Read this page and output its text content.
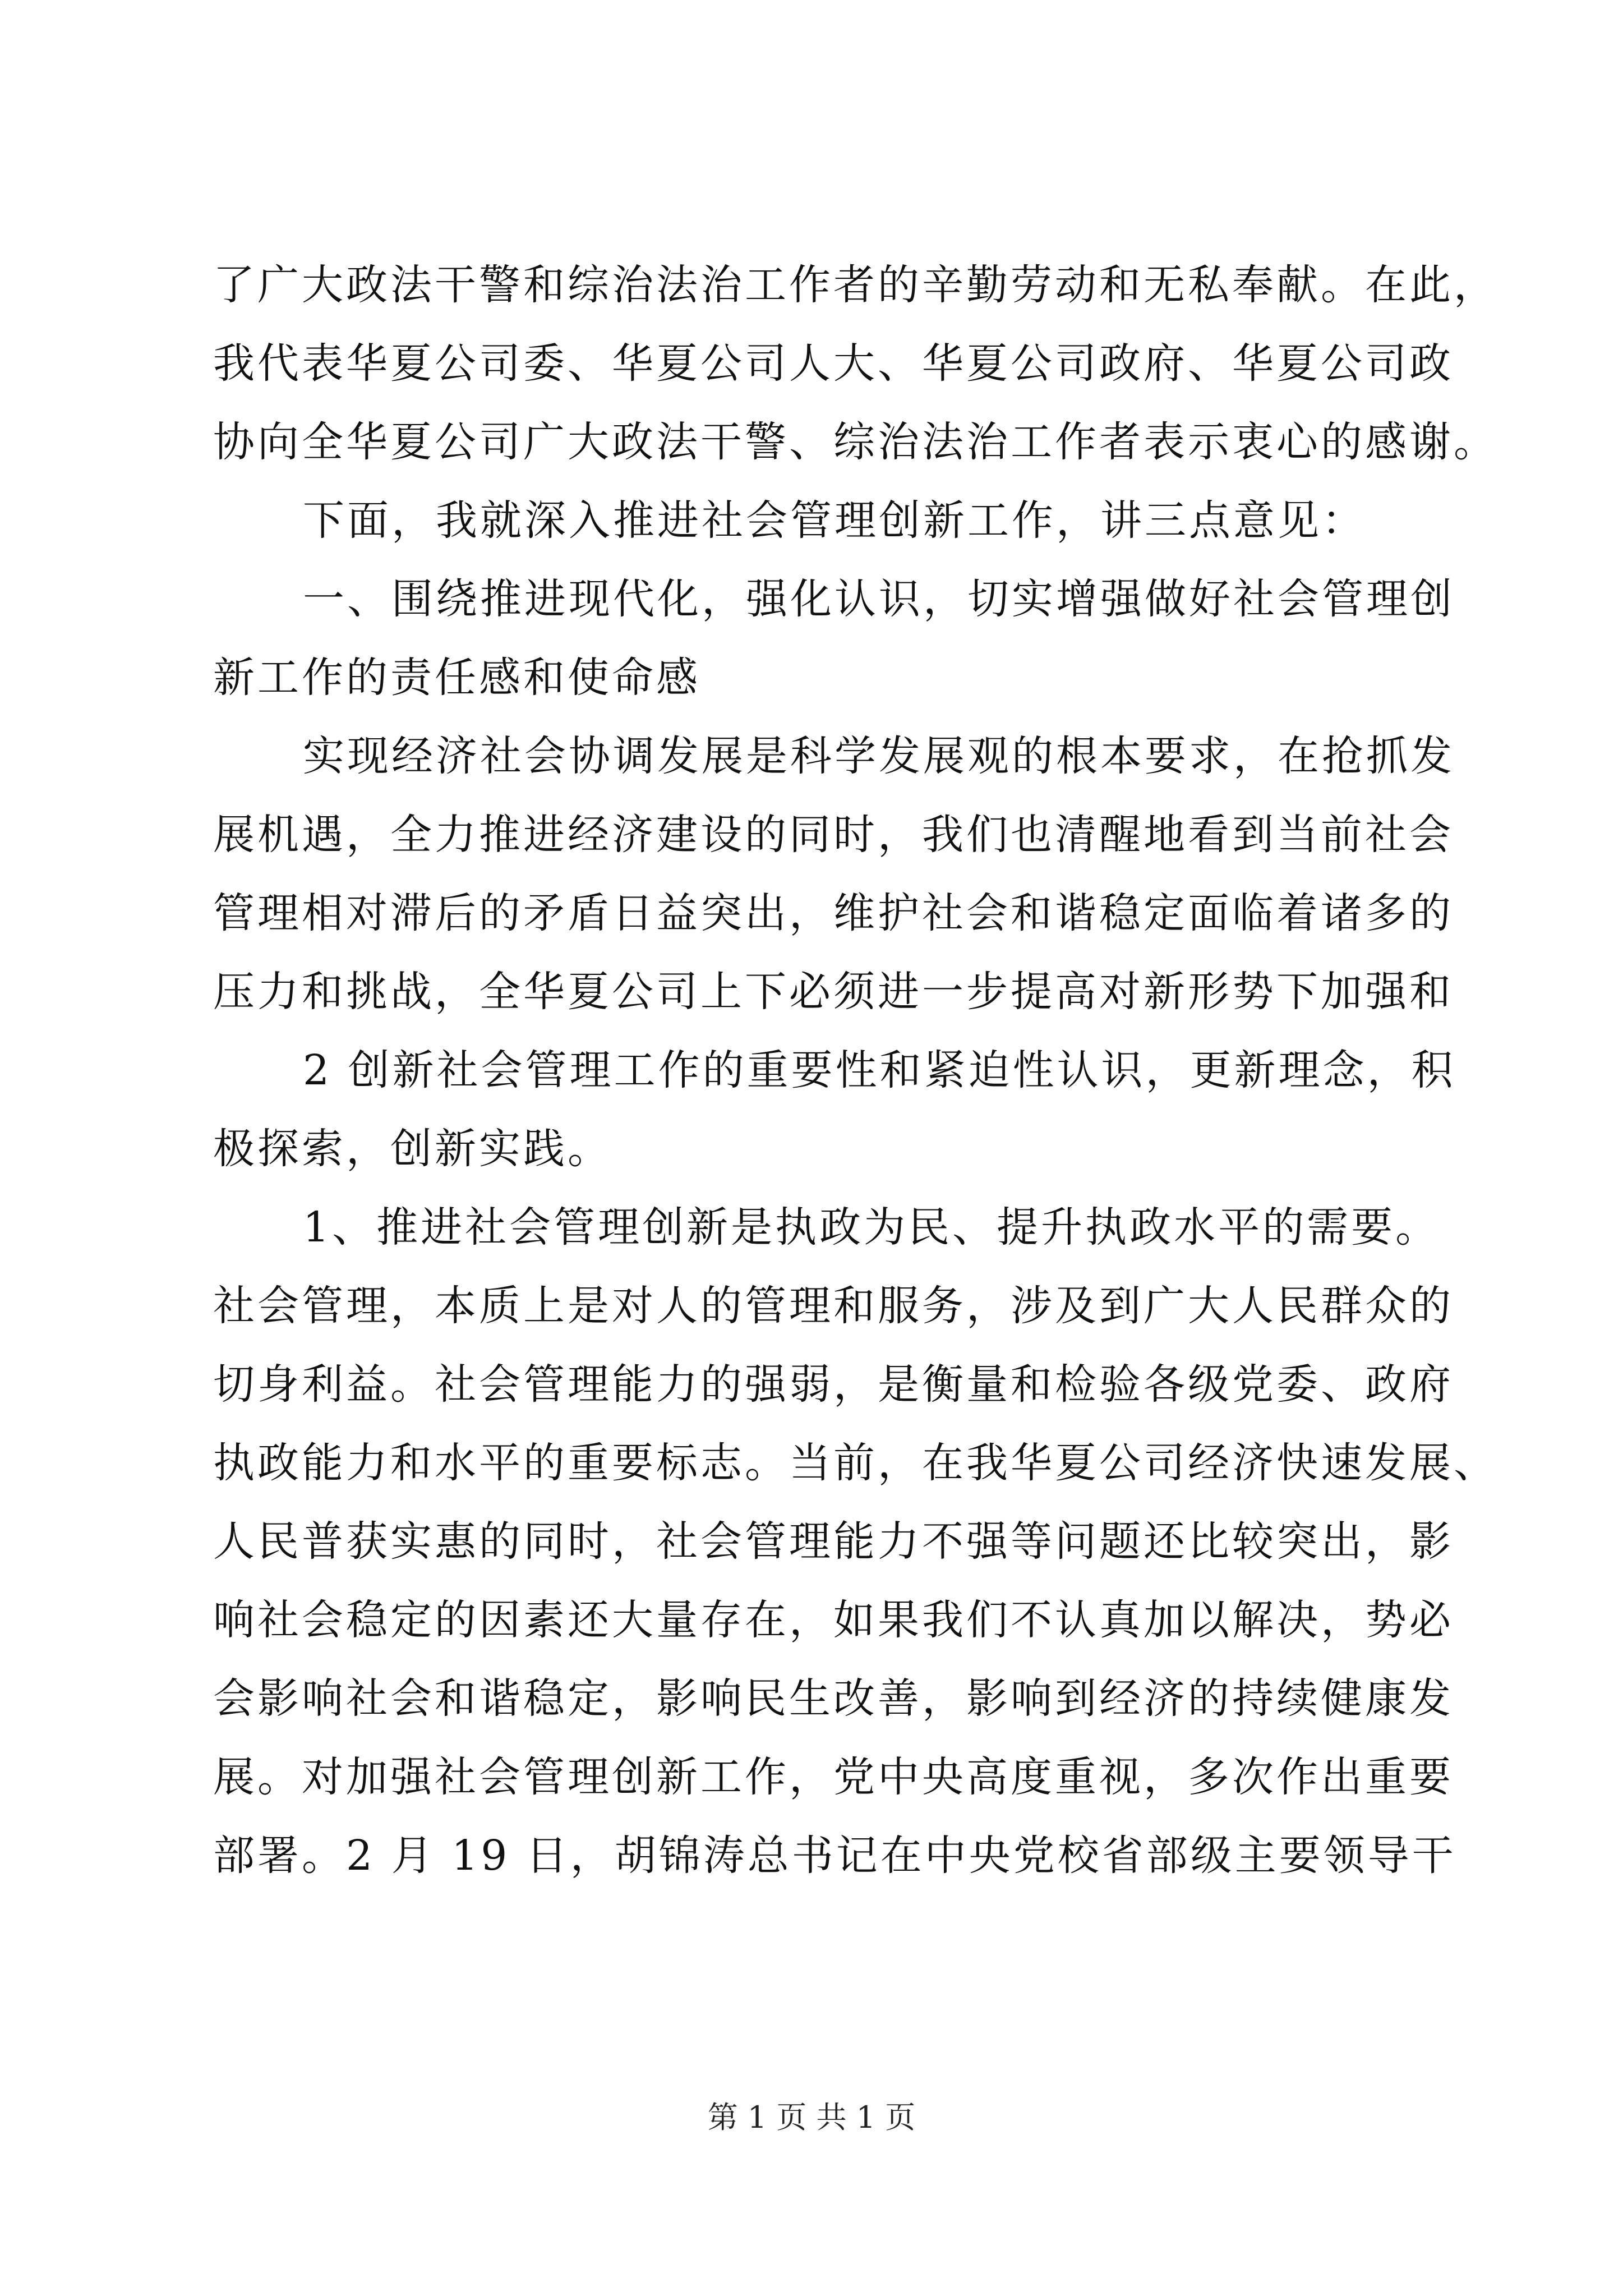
了广大政法干警和综治法治工作者的辛勤劳动和无私奉献。在此，
我代表华夏公司委、华夏公司人大、华夏公司政府、华夏公司政
协向全华夏公司广大政法干警、综治法治工作者表示衷心的感谢。
下面，我就深入推进社会管理创新工作，讲三点意见：
一、围绕推进现代化，强化认识，切实增强做好社会管理创
新工作的责任感和使命感
实现经济社会协调发展是科学发展观的根本要求，在抢抓发
展机遇，全力推进经济建设的同时，我们也清醒地看到当前社会
管理相对滞后的矛盾日益突出，维护社会和谐稳定面临着诸多的
压力和挑战，全华夏公司上下必须进一步提高对新形势下加强和
2 创新社会管理工作的重要性和紧迫性认识，更新理念，积
极探索，创新实践。
1、推进社会管理创新是执政为民、提升执政水平的需要。
社会管理，本质上是对人的管理和服务，涉及到广大人民群众的
切身利益。社会管理能力的强弱，是衡量和检验各级党委、政府
执政能力和水平的重要标志。当前，在我华夏公司经济快速发展、
人民普获实惠的同时，社会管理能力不强等问题还比较突出，影
响社会稳定的因素还大量存在，如果我们不认真加以解决，势必
会影响社会和谐稳定，影响民生改善，影响到经济的持续健康发
展。对加强社会管理创新工作，党中央高度重视，多次作出重要
部署。2 月 19 日，胡锦涛总书记在中央党校省部级主要领导干
第 1 页 共 1 页
